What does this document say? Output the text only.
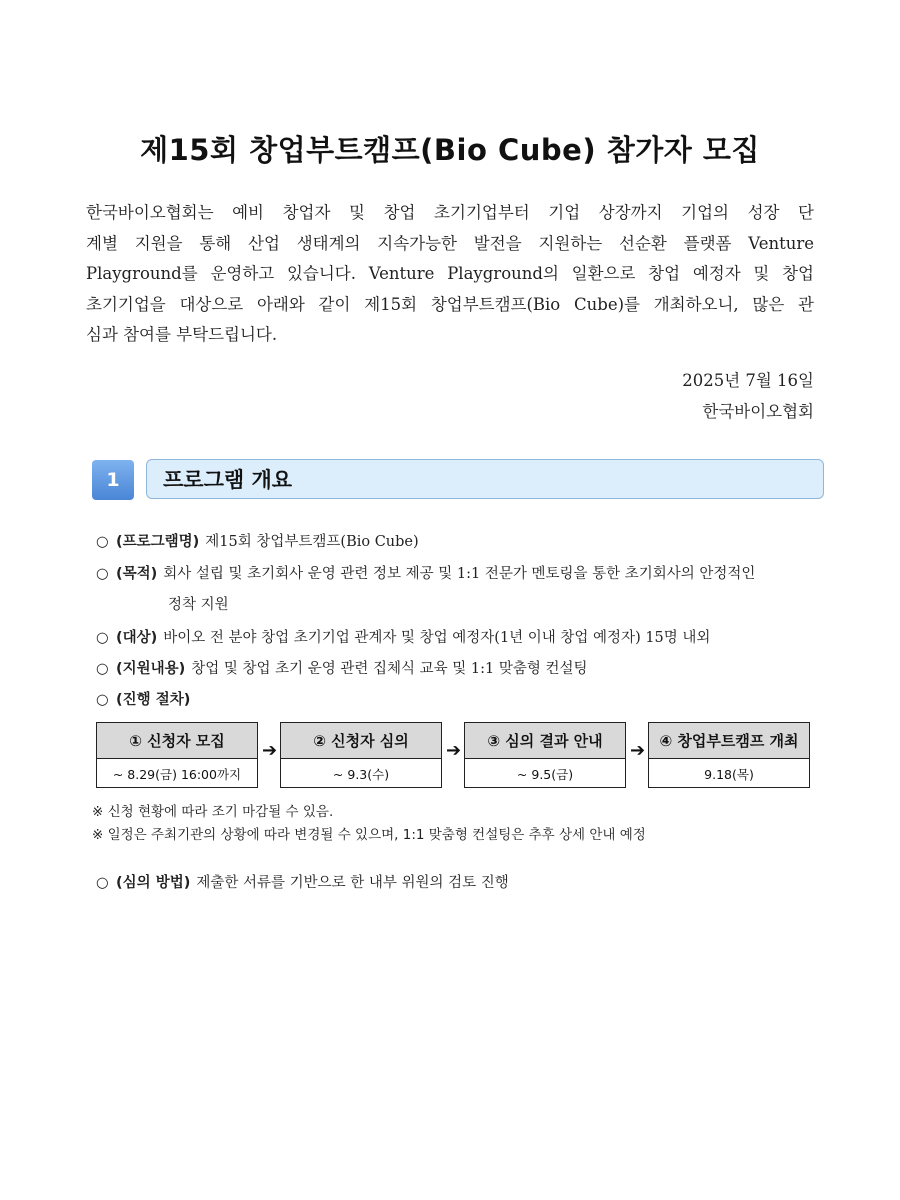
제15회 창업부트캠프(Bio Cube) 참가자 모집
한국바이오협회는 예비 창업자 및 창업 초기기업부터 기업 상장까지 기업의 성장 단
계별 지원을 통해 산업 생태계의 지속가능한 발전을 지원하는 선순환 플랫폼 Venture
Playground를 운영하고 있습니다. Venture Playground의 일환으로 창업 예정자 및 창업
초기기업을 대상으로 아래와 같이 제15회 창업부트캠프(Bio Cube)를 개최하오니, 많은 관
심과 참여를 부탁드립니다.
2025년 7월 16일
한국바이오협회
1	프로그램 개요
○ (프로그램명) 제15회 창업부트캠프(Bio Cube)
○ (목적) 회사 설립 및 초기회사 운영 관련 정보 제공 및 1:1 전문가 멘토링을 통한 초기회사의 안정적인
정착 지원
○ (대상) 바이오 전 분야 창업 초기기업 관계자 및 창업 예정자(1년 이내 창업 예정자) 15명 내외
○ (지원내용) 창업 및 창업 초기 운영 관련 집체식 교육 및 1:1 맞춤형 컨설팅
○ (진행 절차)
① 신청자 모집
~ 8.29(금) 16:00까지
➔	② 신청자 심의
~ 9.3(수)
➔	③ 심의 결과 안내
~ 9.5(금)
➔ ④ 창업부트캠프 개최
9.18(목)
※ 신청 현황에 따라 조기 마감될 수 있음.
※ 일정은 주최기관의 상황에 따라 변경될 수 있으며, 1:1 맞춤형 컨설팅은 추후 상세 안내 예정
○ (심의 방법) 제출한 서류를 기반으로 한 내부 위원의 검토 진행
